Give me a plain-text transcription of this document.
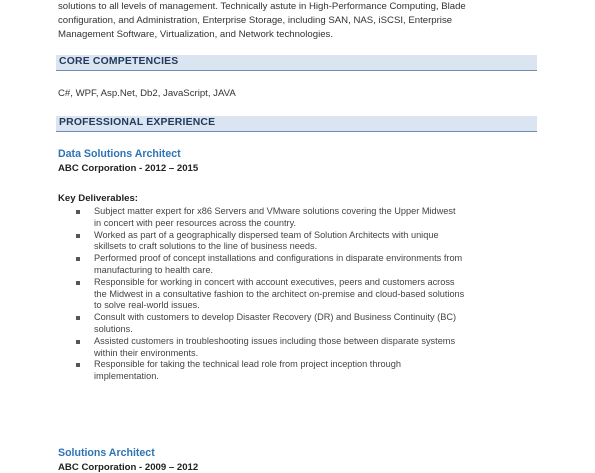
solutions to all levels of management. Technically astute in High-Performance Computing, Blade
configuration, and Administration, Enterprise Storage, including SAN, NAS, iSCSI, Enterprise
Management Software, Virtualization, and Network technologies.
CORE COMPETENCIES
C#, WPF, Asp.Net, Db2, JavaScript, JAVA
PROFESSIONAL EXPERIENCE
Data Solutions Architect
ABC Corporation - 2012 – 2015
Key Deliverables:
Subject matter expert for x86 Servers and VMware solutions covering the Upper Midwest
in concert with peer resources across the country.
Worked as part of a geographically dispersed team of Solution Architects with unique
skillsets to craft solutions to the line of business needs.
Performed proof of concept installations and configurations in disparate environments from
manufacturing to health care.
Responsible for working in concert with account executives, peers and customers across
the Midwest in a consultative fashion to the architect on-premise and cloud-based solutions
to solve real-world issues.
Consult with customers to develop Disaster Recovery (DR) and Business Continuity (BC)
solutions.
Assisted customers in troubleshooting issues including those between disparate systems
within their environments.
Responsible for taking the technical lead role from project inception through
implementation.
Solutions Architect
ABC Corporation - 2009 – 2012
